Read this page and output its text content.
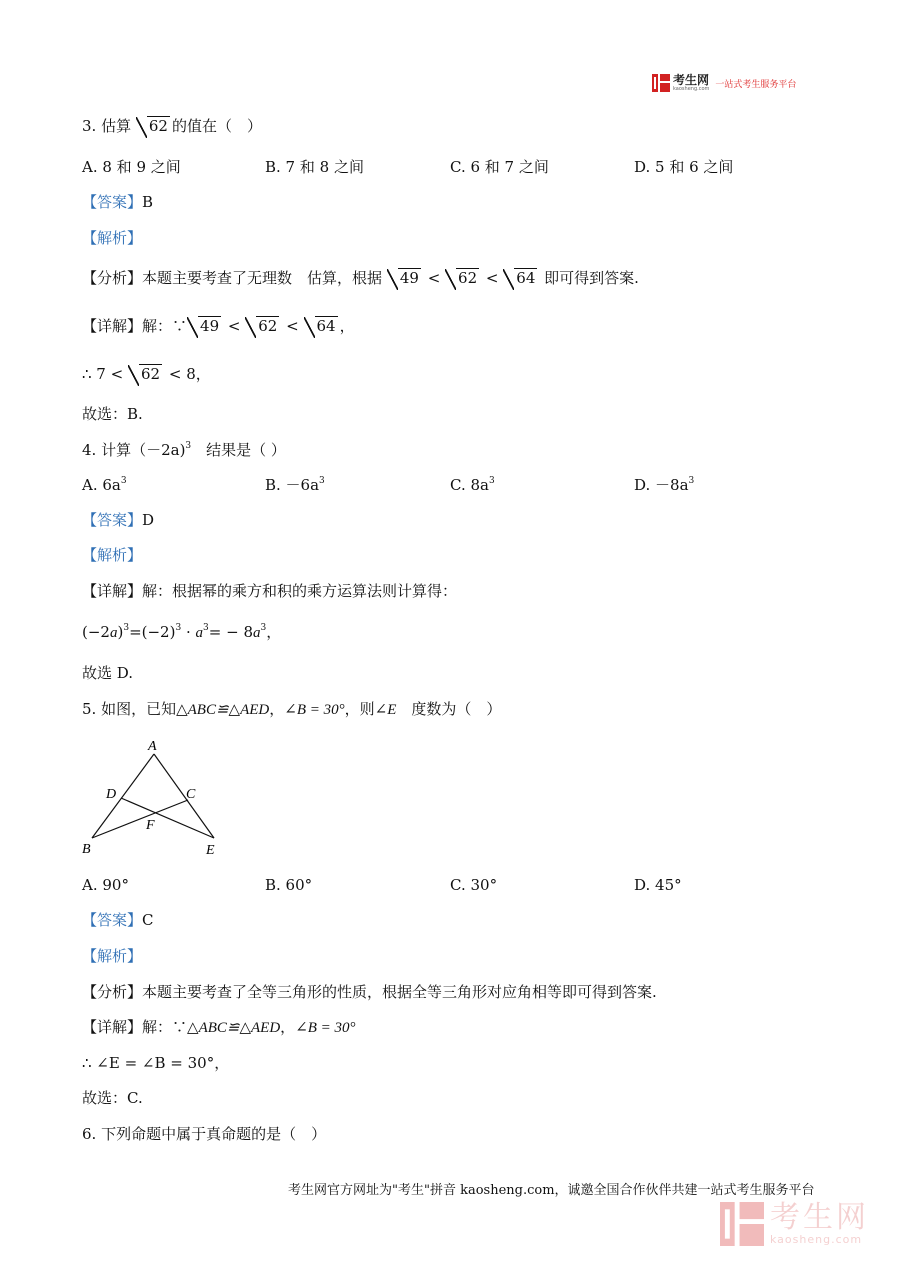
考生网
kaosheng.com 一站式考生服务平台
3. 估算 62 的值在（　）
A. 8 和 9 之间	B. 7 和 8 之间	C. 6 和 7 之间	D. 5 和 6 之间
【答案】B
【解析】
【分析】本题主要考查了无理数　估算，根据 49 < 62 < 64 即可得到答案.
【详解】解：∵ 49 < 62 < 64 ，
∴ 7 < 62 < 8，
故选：B.
4. 计算（－2a)$^3$　结果是（ ）
A. $6a^3$	B. $-6a^3$	C. $8a^3$	D. $-8a^3$
【答案】D
【解析】
【详解】解：根据幂的乘方和积的乘方运算法则计算得：
$(-2a)^3=(-2)^3 \cdot a^3= - 8a^3$，
故选 D.
5. 如图，已知△ABC≌△AED，∠B = 30°，则∠E　度数为（　）
A
D	C
F
B	E
A. 90°	B. 60°	C. 30°	D. 45°
【答案】C
【解析】
【分析】本题主要考查了全等三角形的性质，根据全等三角形对应角相等即可得到答案.
【详解】解：∵△ABC≌△AED，∠B = 30°
∴ ∠E = ∠B = 30°，
故选：C.
6. 下列命题中属于真命题的是（　）
考生网官方网址为"考生"拼音 kaosheng.com，诚邀全国合作伙伴共建一站式考生服务平台
考生网
kaosheng.com
